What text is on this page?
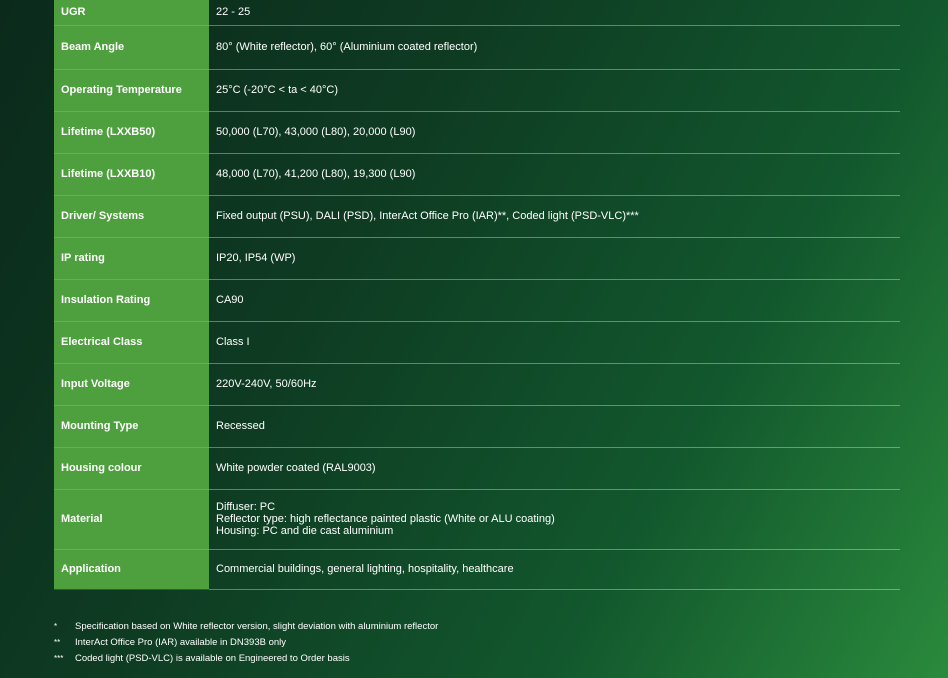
UGR	22 - 25

Beam Angle	80° (White reflector), 60° (Aluminium coated reflector)

Operating Temperature	25°C (-20°C < ta < 40°C)

Lifetime (LXXB50)	50,000 (L70), 43,000 (L80), 20,000 (L90)

Lifetime (LXXB10)	48,000 (L70), 41,200 (L80), 19,300 (L90)

Driver/ Systems	Fixed output (PSU), DALI (PSD), InterAct Office Pro (IAR)**, Coded light (PSD-VLC)***

IP rating	IP20, IP54 (WP)

Insulation Rating	CA90

Electrical Class	Class I

Input Voltage	220V-240V, 50/60Hz

Mounting Type	Recessed

Housing colour	White powder coated (RAL9003)

Material	Diffuser: PC
Reflector type: high reflectance painted plastic (White or ALU coating)
Housing: PC and die cast aluminium

Application	Commercial buildings, general lighting, hospitality, healthcare
*	Specification based on White reflector version, slight deviation with aluminium reflector
**	InterAct Office Pro (IAR) available in DN393B only
***	Coded light (PSD-VLC) is available on Engineered to Order basis
